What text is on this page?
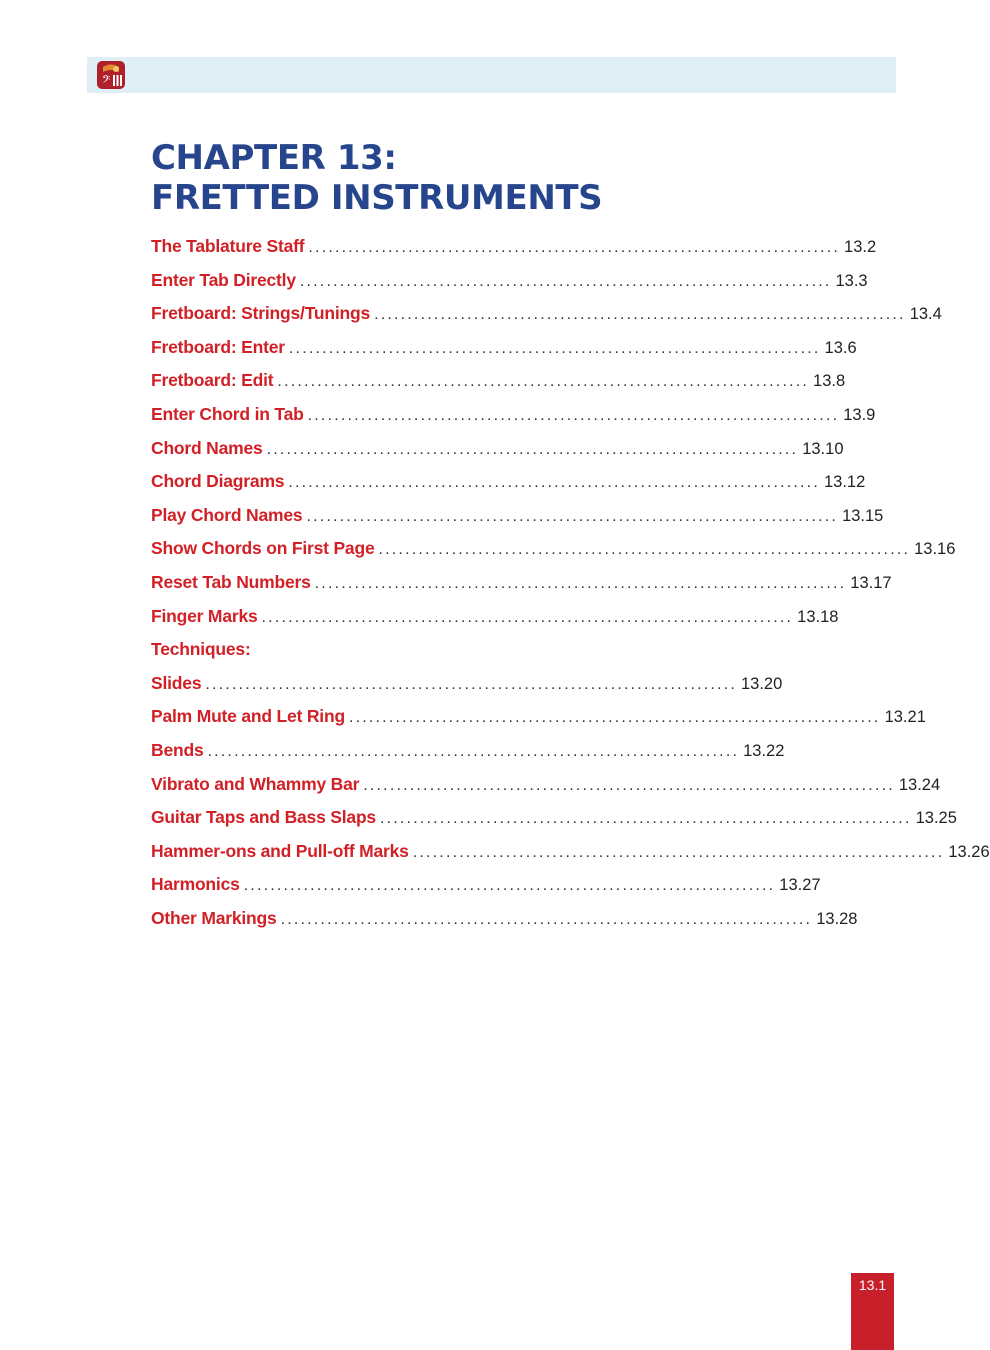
𝄢
CHAPTER 13:
FRETTED INSTRUMENTS
The Tablature Staff ................................................................................ 13.2
Enter Tab Directly ................................................................................ 13.3
Fretboard: Strings/Tunings ................................................................................ 13.4
Fretboard: Enter ................................................................................ 13.6
Fretboard: Edit ................................................................................ 13.8
Enter Chord in Tab ................................................................................ 13.9
Chord Names ................................................................................ 13.10
Chord Diagrams ................................................................................ 13.12
Play Chord Names ................................................................................ 13.15
Show Chords on First Page ................................................................................ 13.16
Reset Tab Numbers ................................................................................ 13.17
Finger Marks ................................................................................ 13.18
Techniques:
Slides ................................................................................ 13.20
Palm Mute and Let Ring ................................................................................ 13.21
Bends ................................................................................ 13.22
Vibrato and Whammy Bar ................................................................................ 13.24
Guitar Taps and Bass Slaps ................................................................................ 13.25
Hammer-ons and Pull-off Marks ................................................................................ 13.26
Harmonics ................................................................................ 13.27
Other Markings ................................................................................ 13.28
13.1
